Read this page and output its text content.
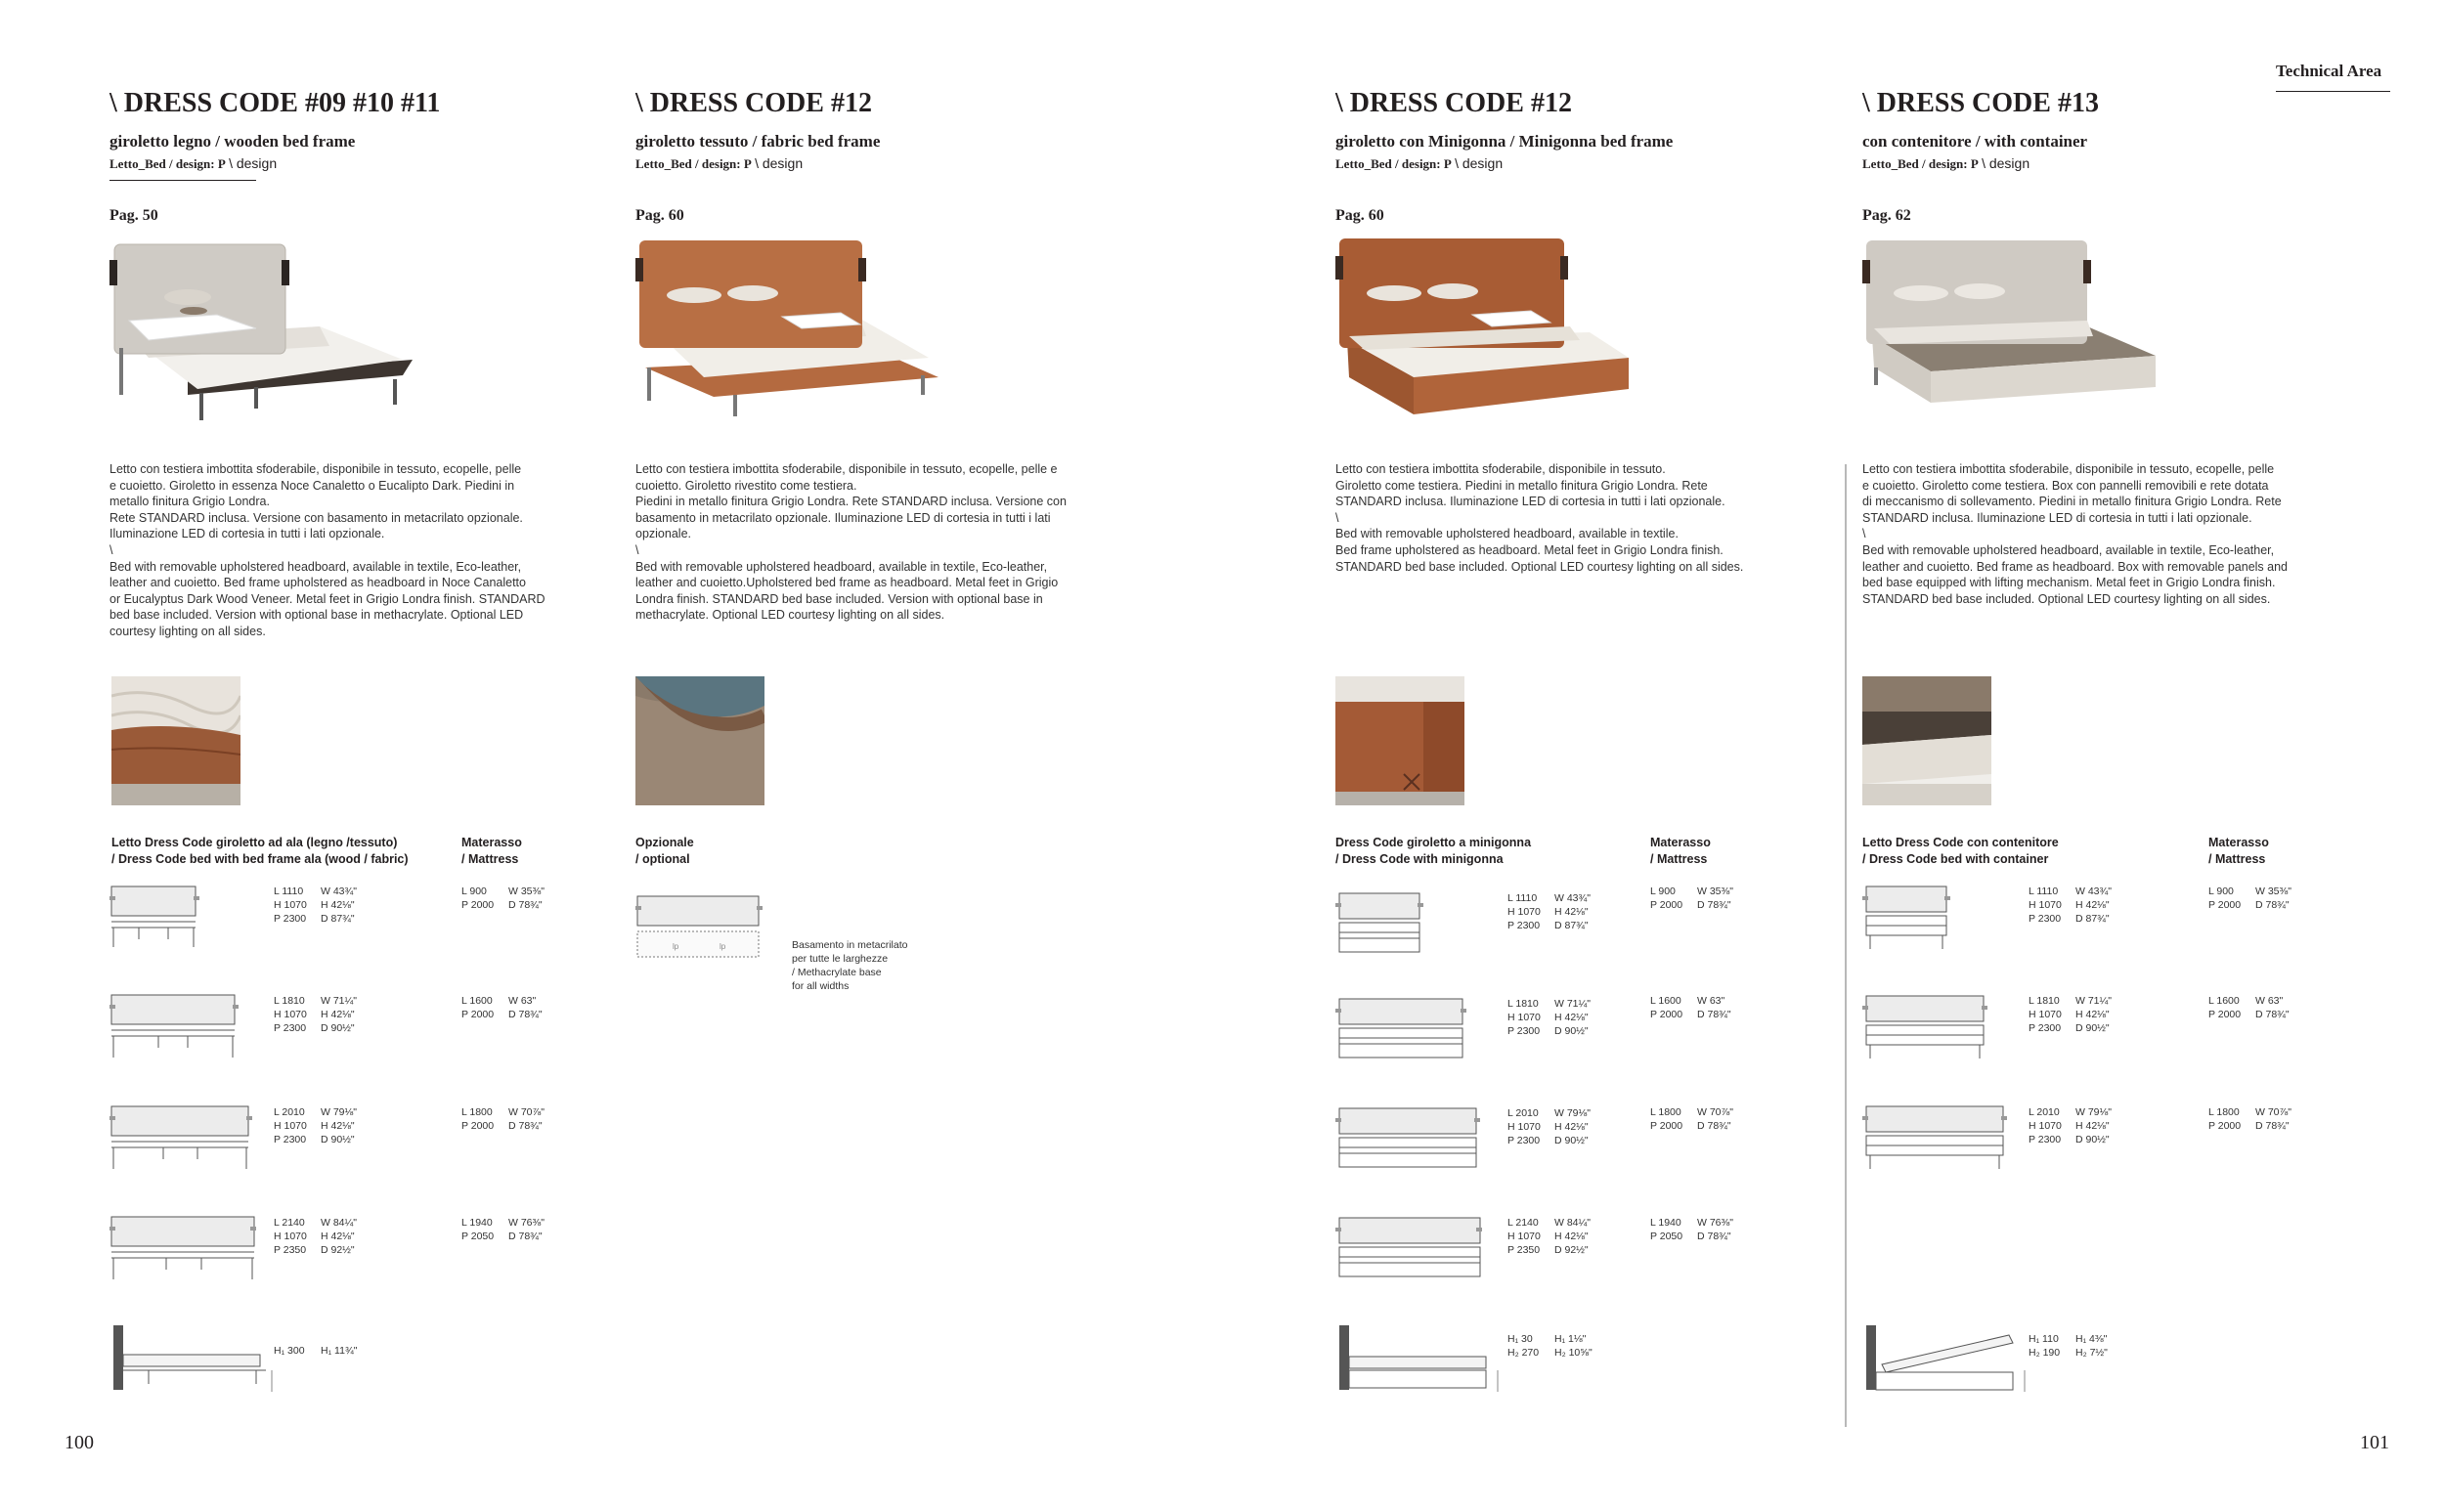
Technical Area
\ DRESS CODE #09 #10 #11
giroletto legno / wooden bed frame
Letto_Bed / design: P \ design
Pag. 50
Letto con testiera imbottita sfoderabile, disponibile in tessuto, ecopelle, pelle
e cuoietto. Giroletto in essenza Noce Canaletto o Eucalipto Dark. Piedini in
metallo finitura Grigio Londra.
Rete STANDARD inclusa. Versione con basamento in metacrilato opzionale.
Iluminazione LED di cortesia in tutti i lati opzionale.
\
Bed with removable upholstered headboard, available in textile, Eco-leather,
leather and cuoietto. Bed frame upholstered as headboard in Noce Canaletto
or Eucalyptus Dark Wood Veneer. Metal feet in Grigio Londra finish. STANDARD
bed base included. Version with optional base in methacrylate. Optional LED
courtesy lighting on all sides.
Letto Dress Code giroletto ad ala (legno /tessuto)
/ Dress Code bed with bed frame ala (wood / fabric)
Materasso
/ Mattress
L 1110 W 43¾"
H 1070 H 42⅛"
P 2300 D 87¾"
L 900 W 35⅜"
P 2000 D 78¾"
L 1810 W 71¼"
H 1070 H 42⅛"
P 2300 D 90½"
L 1600 W 63"
P 2000 D 78¾"
L 2010 W 79⅛"
H 1070 H 42⅛"
P 2300 D 90½"
L 1800 W 70⅞"
P 2000 D 78¾"
L 2140 W 84¼"
H 1070 H 42⅛"
P 2350 D 92½"
L 1940 W 76⅜"
P 2050 D 78¾"
H₁ 300 H₁ 11¾"
\ DRESS CODE #12
giroletto tessuto / fabric bed frame
Letto_Bed / design: P \ design
Pag. 60
Letto con testiera imbottita sfoderabile, disponibile in tessuto, ecopelle, pelle e
cuoietto. Giroletto rivestito come testiera.
Piedini in metallo finitura Grigio Londra. Rete STANDARD inclusa. Versione con
basamento in metacrilato opzionale. Iluminazione LED di cortesia in tutti i lati
opzionale.
\
Bed with removable upholstered headboard, available in textile, Eco-leather,
leather and cuoietto.Upholstered bed frame as headboard. Metal feet in Grigio
Londra finish. STANDARD bed base included. Version with optional base in
methacrylate. Optional LED courtesy lighting on all sides.
Opzionale
/ optional
lp	lp	Basamento in metacrilato
per tutte le larghezze
/ Methacrylate base
for all widths
\ DRESS CODE #12
giroletto con Minigonna / Minigonna bed frame
Letto_Bed / design: P \ design
Pag. 60
Letto con testiera imbottita sfoderabile, disponibile in tessuto.
Giroletto come testiera. Piedini in metallo finitura Grigio Londra. Rete
STANDARD inclusa. Iluminazione LED di cortesia in tutti i lati opzionale.
\
Bed with removable upholstered headboard, available in textile.
Bed frame upholstered as headboard. Metal feet in Grigio Londra finish.
STANDARD bed base included. Optional LED courtesy lighting on all sides.
Dress Code giroletto a minigonna
/ Dress Code with minigonna
Materasso
/ Mattress
L 1110 W 43¾"
H 1070 H 42⅛"
P 2300 D 87¾"
L 900 W 35⅜"
P 2000 D 78¾"
L 1810 W 71¼"
H 1070 H 42⅛"
P 2300 D 90½"
L 1600 W 63"
P 2000 D 78¾"
L 2010 W 79⅛"
H 1070 H 42⅛"
P 2300 D 90½"
L 1800 W 70⅞"
P 2000 D 78¾"
L 2140 W 84¼"
H 1070 H 42⅛"
P 2350 D 92½"
L 1940 W 76⅜"
P 2050 D 78¾"
H₁ 30 H₁ 1⅛"
H₂ 270 H₂ 10⅝"
\ DRESS CODE #13
con contenitore / with container
Letto_Bed / design: P \ design
Pag. 62
Letto con testiera imbottita sfoderabile, disponibile in tessuto, ecopelle, pelle
e cuoietto. Giroletto come testiera. Box con pannelli removibili e rete dotata
di meccanismo di sollevamento. Piedini in metallo finitura Grigio Londra. Rete
STANDARD inclusa. Iluminazione LED di cortesia in tutti i lati opzionale.
\
Bed with removable upholstered headboard, available in textile, Eco-leather,
leather and cuoietto. Bed frame as headboard. Box with removable panels and
bed base equipped with lifting mechanism. Metal feet in Grigio Londra finish.
STANDARD bed base included. Optional LED courtesy lighting on all sides.
Letto Dress Code con contenitore
/ Dress Code bed with container
Materasso
/ Mattress
L 1110 W 43¾"
H 1070 H 42⅛"
P 2300 D 87¾"
L 900 W 35⅜"
P 2000 D 78¾"
L 1810 W 71¼"
H 1070 H 42⅛"
P 2300 D 90½"
L 1600 W 63"
P 2000 D 78¾"
L 2010 W 79⅛"
H 1070 H 42⅛"
P 2300 D 90½"
L 1800 W 70⅞"
P 2000 D 78¾"
H₁ 110 H₁ 4⅜"
H₂ 190 H₂ 7½"
100	101
